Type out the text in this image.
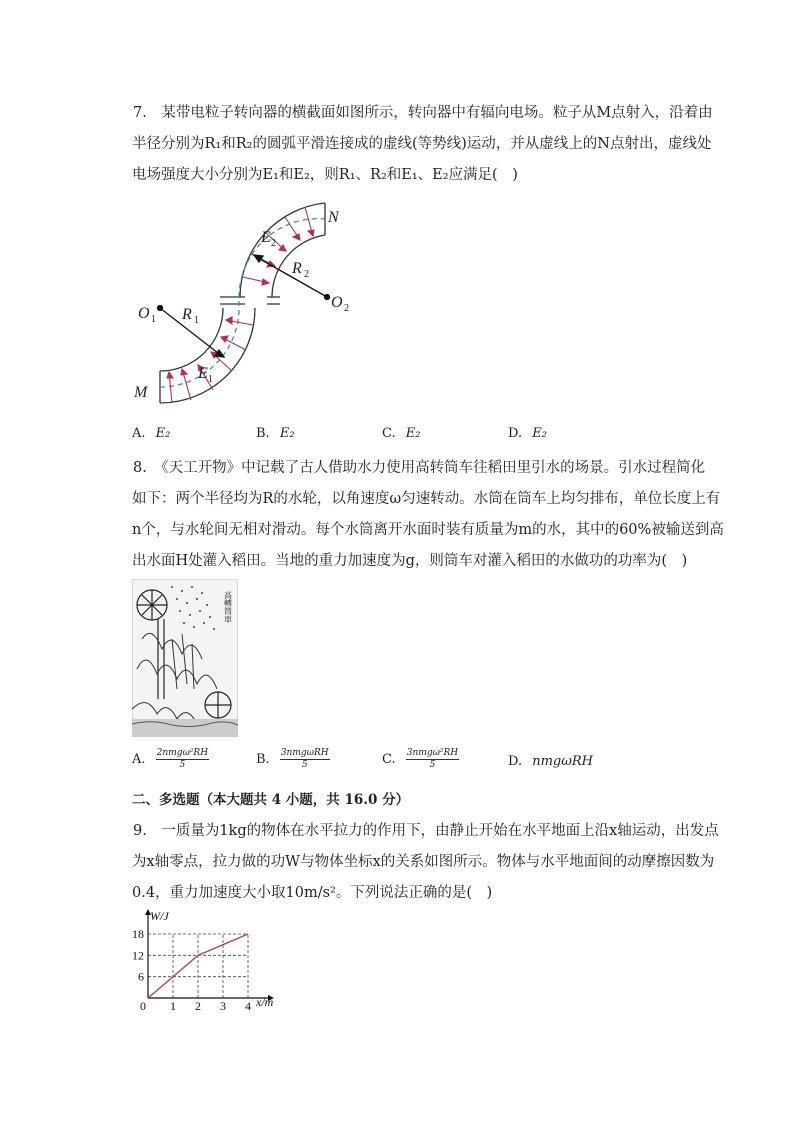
7.　某带电粒子转向器的横截面如图所示，转向器中有辐向电场。粒子从M点射入，沿着由
半径分别为R₁和R₂的圆弧平滑连接成的虚线(等势线)运动，并从虚线上的N点射出，虚线处
电场强度大小分别为E₁和E₂，则R₁、R₂和E₁、E₂应满足(　)
M
N
O 1
O 2
R 1
R 2
E 1
E 2
A. E₂	B. E₂	C. E₂	D. E₂
8.　《天工开物》中记载了古人借助水力使用高转筒车往稻田里引水的场景。引水过程简化
如下：两个半径均为R的水轮，以角速度ω匀速转动。水筒在筒车上均匀排布，单位长度上有
n个，与水轮间无相对滑动。每个水筒离开水面时装有质量为m的水，其中的60%被输送到高
出水面H处灌入稻田。当地的重力加速度为g，则筒车对灌入稻田的水做功的功率为(　)
高轉筒車
A. $\frac{\text{2nmgω²RH}}{5}$	B. $\frac{\text{3nmgωRH}}{5}$	C. $\frac{\text{3nmgω²RH}}{5}$	D. nmgωRH
二、多选题（本大题共 4 小题，共 16.0 分）
9.　一质量为1kg的物体在水平拉力的作用下，由静止开始在水平地面上沿x轴运动，出发点
为x轴零点，拉力做的功W与物体坐标x的关系如图所示。物体与水平地面间的动摩擦因数为
0.4，重力加速度大小取10m/s²。下列说法正确的是(　)
0 1 2 3 4
6
12
18
W/J
x/m
